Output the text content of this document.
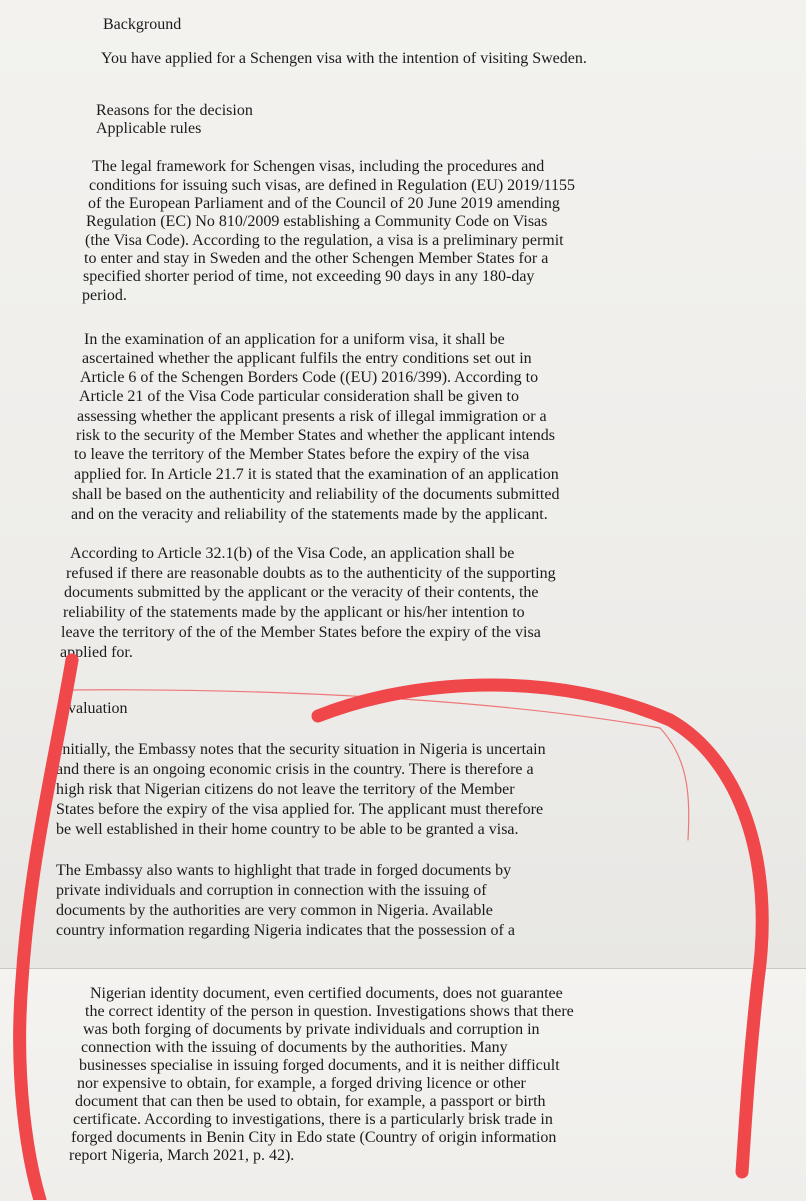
Background
You have applied for a Schengen visa with the intention of visiting Sweden.
Reasons for the decision
Applicable rules
The legal framework for Schengen visas, including the procedures and
conditions for issuing such visas, are defined in Regulation (EU) 2019/1155
of the European Parliament and of the Council of 20 June 2019 amending
Regulation (EC) No 810/2009 establishing a Community Code on Visas
(the Visa Code). According to the regulation, a visa is a preliminary permit
to enter and stay in Sweden and the other Schengen Member States for a
specified shorter period of time, not exceeding 90 days in any 180-day
period.
In the examination of an application for a uniform visa, it shall be
ascertained whether the applicant fulfils the entry conditions set out in
Article 6 of the Schengen Borders Code ((EU) 2016/399). According to
Article 21 of the Visa Code particular consideration shall be given to
assessing whether the applicant presents a risk of illegal immigration or a
risk to the security of the Member States and whether the applicant intends
to leave the territory of the Member States before the expiry of the visa
applied for. In Article 21.7 it is stated that the examination of an application
shall be based on the authenticity and reliability of the documents submitted
and on the veracity and reliability of the statements made by the applicant.
According to Article 32.1(b) of the Visa Code, an application shall be
refused if there are reasonable doubts as to the authenticity of the supporting
documents submitted by the applicant or the veracity of their contents, the
reliability of the statements made by the applicant or his/her intention to
leave the territory of the of the Member States before the expiry of the visa
applied for.
valuation
Initially, the Embassy notes that the security situation in Nigeria is uncertain
and there is an ongoing economic crisis in the country. There is therefore a
high risk that Nigerian citizens do not leave the territory of the Member
States before the expiry of the visa applied for. The applicant must therefore
be well established in their home country to be able to be granted a visa.
The Embassy also wants to highlight that trade in forged documents by
private individuals and corruption in connection with the issuing of
documents by the authorities are very common in Nigeria. Available
country information regarding Nigeria indicates that the possession of a
Nigerian identity document, even certified documents, does not guarantee
the correct identity of the person in question. Investigations shows that there
was both forging of documents by private individuals and corruption in
connection with the issuing of documents by the authorities. Many
businesses specialise in issuing forged documents, and it is neither difficult
nor expensive to obtain, for example, a forged driving licence or other
document that can then be used to obtain, for example, a passport or birth
certificate. According to investigations, there is a particularly brisk trade in
forged documents in Benin City in Edo state (Country of origin information
report Nigeria, March 2021, p. 42).
